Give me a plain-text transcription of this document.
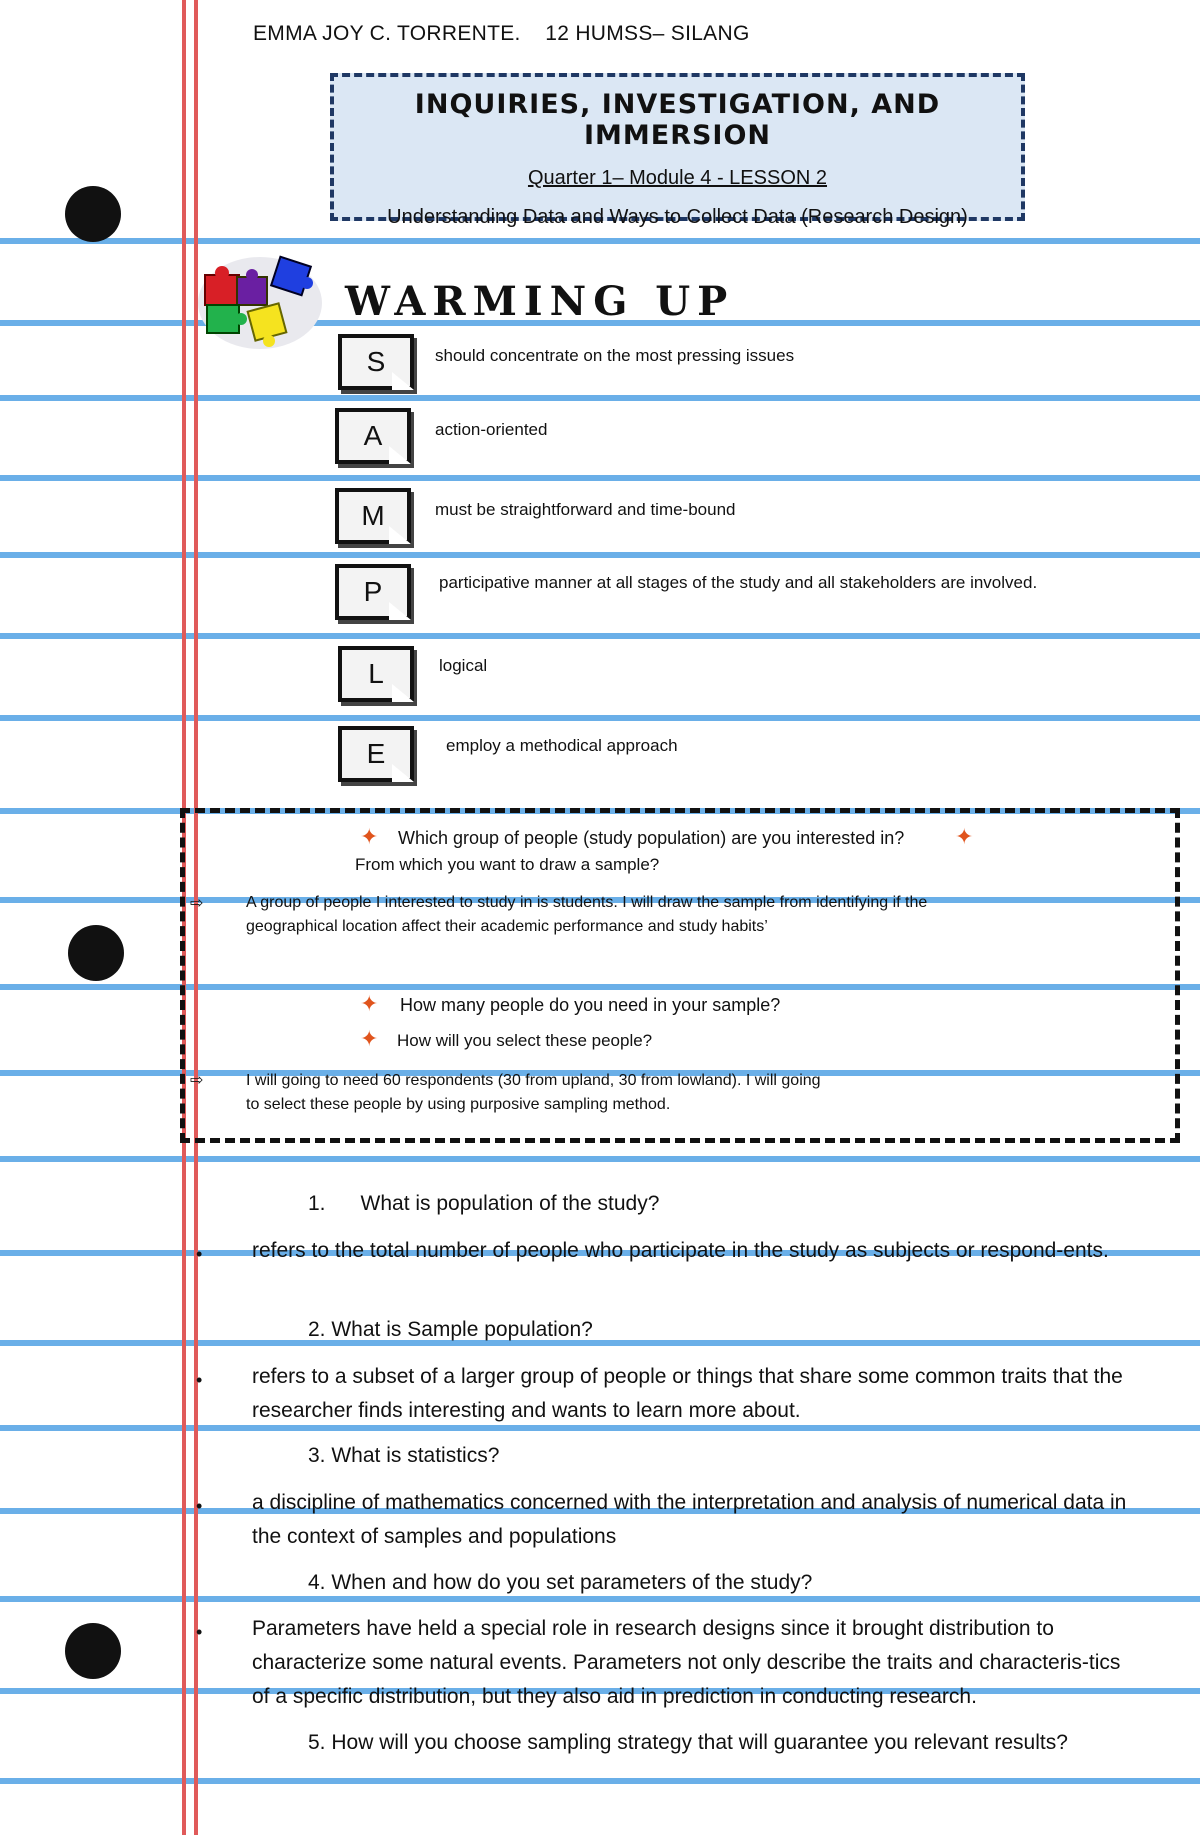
EMMA JOY C. TORRENTE.    12 HUMSS– SILANG
INQUIRIES, INVESTIGATION, AND IMMERSION
Quarter 1– Module 4 - LESSON 2
Understanding Data and Ways to Collect Data (Research Design)
WARMING UP
S	should concentrate on the most pressing issues
A	action-oriented
M	must be straightforward and time-bound
P	participative manner at all stages of the study and all stakeholders are involved.
L	logical
E	employ a methodical approach
✦ Which group of people (study population) are you interested in? ✦
From which you want to draw a sample?
⇨	A group of people I interested to study in is students. I will draw the sample from identifying if the geographical location affect their academic performance and study habits’
✦ How many people do you need in your sample?
✦ How will you select these people?
⇨	I will going to need 60 respondents (30 from upland, 30 from lowland). I will going to select these people by using purposive sampling method.
1.      What is population of the study?
• refers to the total number of people who participate in the study as subjects or respond-ents.
2. What is Sample population?
• refers to a subset of a larger group of people or things that share some common traits that the researcher finds interesting and wants to learn more about.
3. What is statistics?
• a discipline of mathematics concerned with the interpretation and analysis of numerical data in the context of samples and populations
4. When and how do you set parameters of the study?
• Parameters have held a special role in research designs since it brought distribution to characterize some natural events. Parameters not only describe the traits and characteris-tics of a specific distribution, but they also aid in prediction in conducting research.
5. How will you choose sampling strategy that will guarantee you relevant results?
